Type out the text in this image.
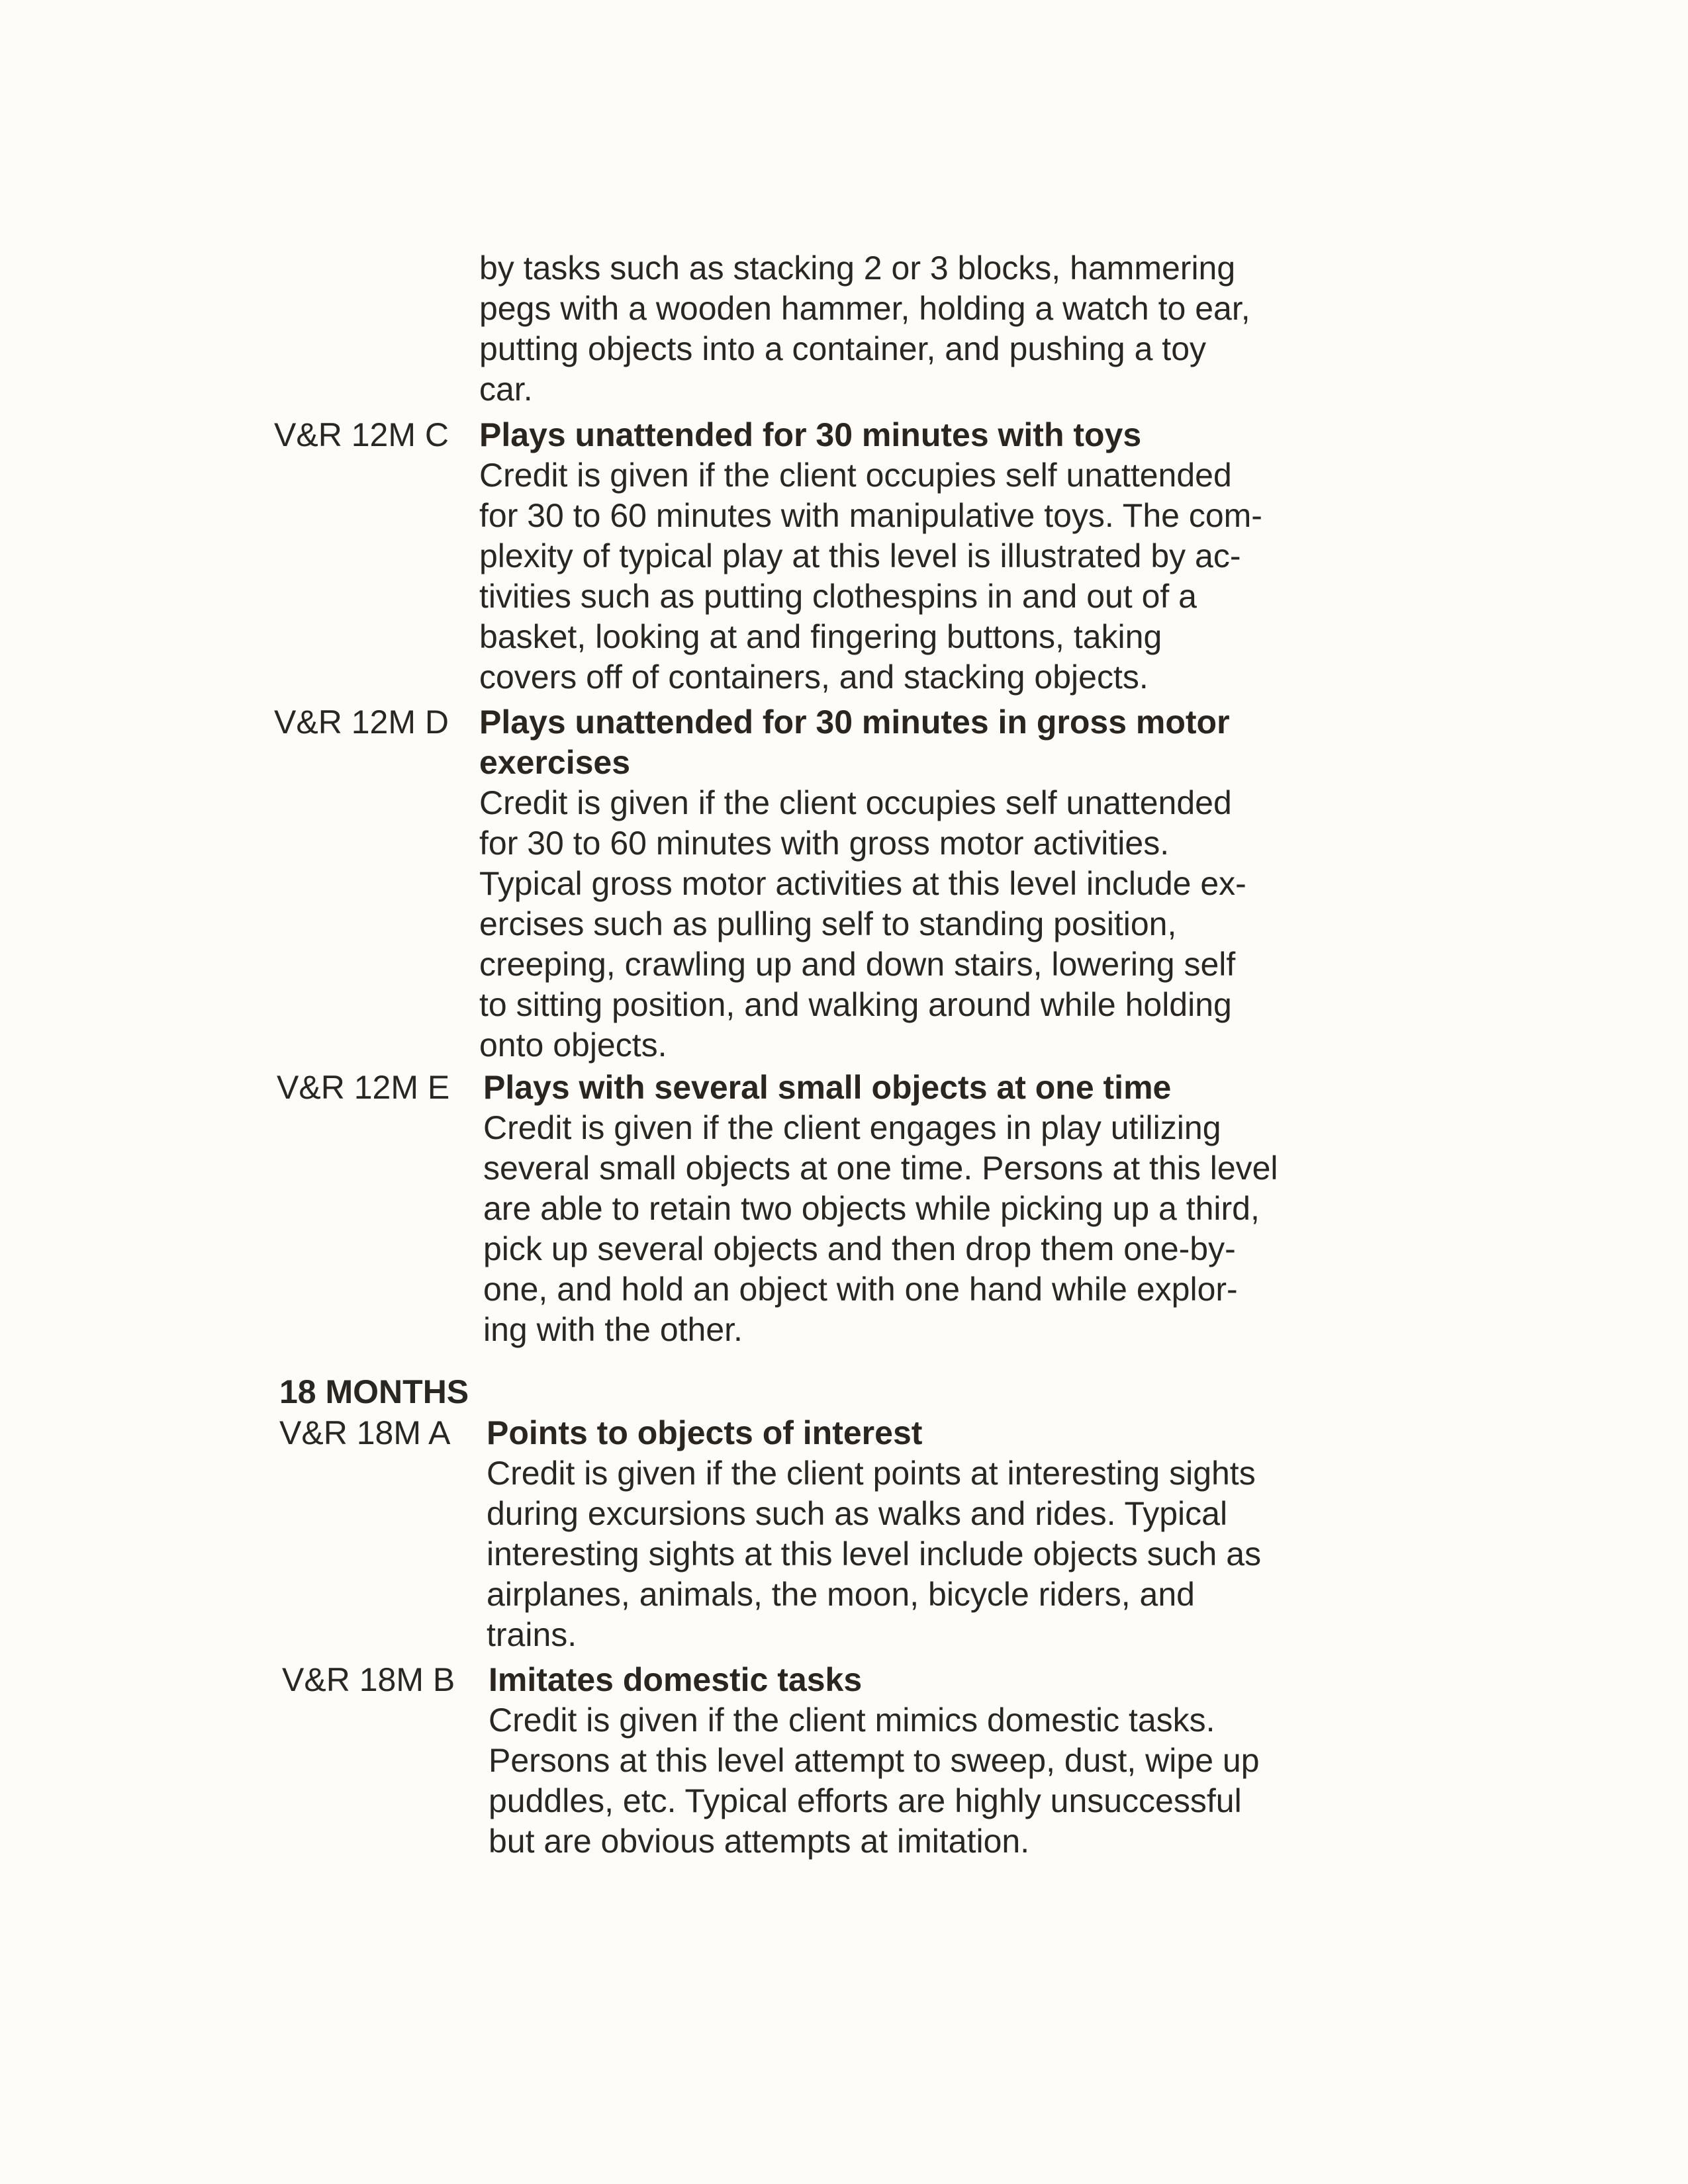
by tasks such as stacking 2 or 3 blocks, hammering
pegs with a wooden hammer, holding a watch to ear,
putting objects into a container, and pushing a toy
car.
V&R 12M C Plays unattended for 30 minutes with toys
Credit is given if the client occupies self unattended
for 30 to 60 minutes with manipulative toys. The com-
plexity of typical play at this level is illustrated by ac-
tivities such as putting clothespins in and out of a
basket, looking at and fingering buttons, taking
covers off of containers, and stacking objects.
V&R 12M D Plays unattended for 30 minutes in gross motor
exercises
Credit is given if the client occupies self unattended
for 30 to 60 minutes with gross motor activities.
Typical gross motor activities at this level include ex-
ercises such as pulling self to standing position,
creeping, crawling up and down stairs, lowering self
to sitting position, and walking around while holding
onto objects.
V&R 12M E Plays with several small objects at one time
Credit is given if the client engages in play utilizing
several small objects at one time. Persons at this level
are able to retain two objects while picking up a third,
pick up several objects and then drop them one-by-
one, and hold an object with one hand while explor-
ing with the other.
18 MONTHS
V&R 18M A Points to objects of interest
Credit is given if the client points at interesting sights
during excursions such as walks and rides. Typical
interesting sights at this level include objects such as
airplanes, animals, the moon, bicycle riders, and
trains.
V&R 18M B Imitates domestic tasks
Credit is given if the client mimics domestic tasks.
Persons at this level attempt to sweep, dust, wipe up
puddles, etc. Typical efforts are highly unsuccessful
but are obvious attempts at imitation.
